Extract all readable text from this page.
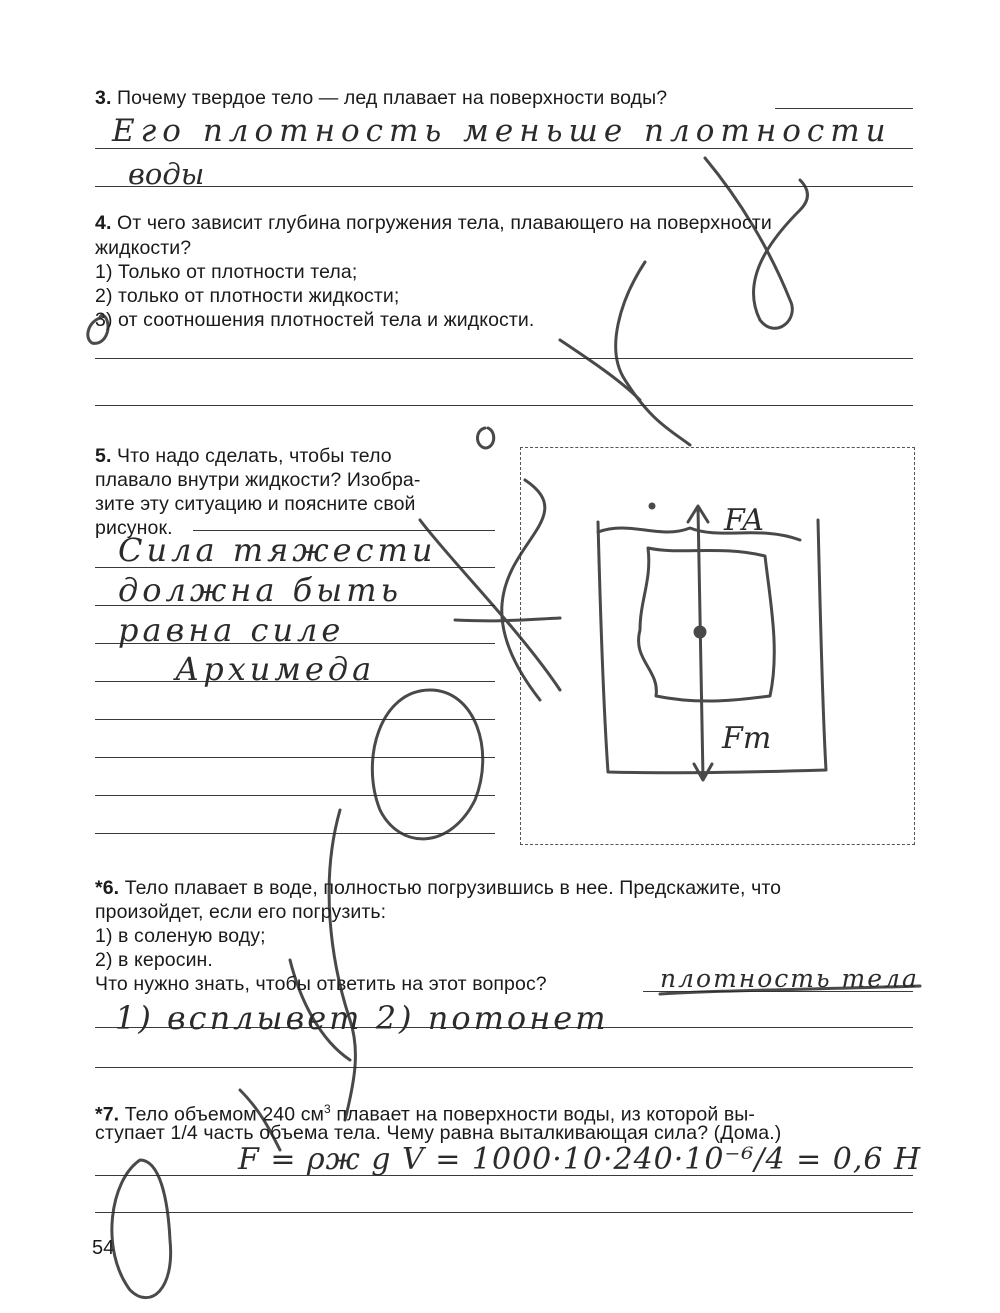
3. Почему твердое тело — лед плавает на поверхности воды?
Его плотность меньше плотности
воды
4. От чего зависит глубина погружения тела, плавающего на поверхности
жидкости?
1) Только от плотности тела;
2) только от плотности жидкости;
3) от соотношения плотностей тела и жидкости.
5. Что надо сделать, чтобы тело
плавало внутри жидкости? Изобра-
зите эту ситуацию и поясните свой
рисунок.
Сила тяжести
должна быть
равна силе
Архимеда
FA
Fт
*6. Тело плавает в воде, полностью погрузившись в нее. Предскажите, что
произойдет, если его погрузить:
1) в соленую воду;
2) в керосин.
Что нужно знать, чтобы ответить на этот вопрос?	плотность тела
1) всплывет 2) потонет
*7. Тело объемом 240 $см^3$ плавает на поверхности воды, из которой вы-
ступает 1/4 часть объема тела. Чему равна выталкивающая сила? (Дома.)
F = ρж g V = 1000·10·240·10⁻⁶/4 = 0,6 Н
54
